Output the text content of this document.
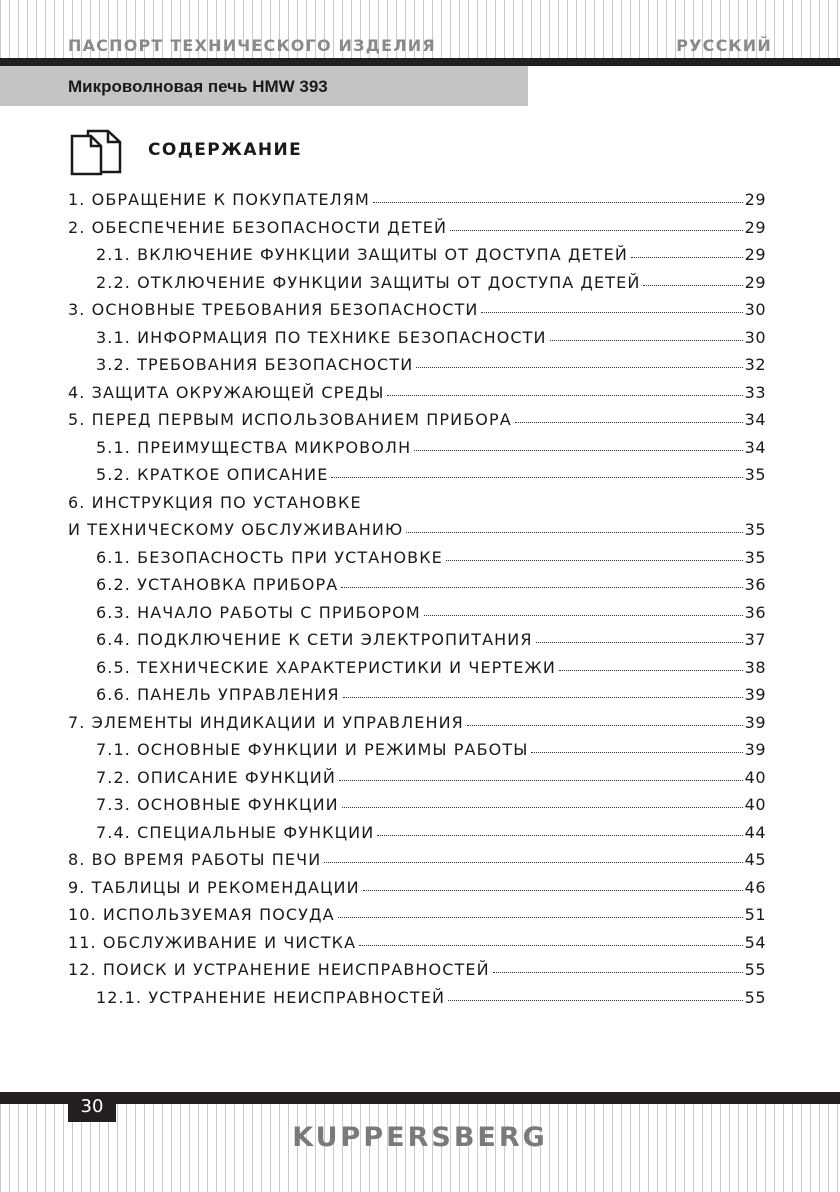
ПАСПОРТ ТЕХНИЧЕСКОГО ИЗДЕЛИЯ	РУССКИЙ
Микроволновая печь HMW 393
СОДЕРЖАНИЕ
1. ОБРАЩЕНИЕ К ПОКУПАТЕЛЯМ	29
2. ОБЕСПЕЧЕНИЕ БЕЗОПАСНОСТИ ДЕТЕЙ	29
2.1. ВКЛЮЧЕНИЕ ФУНКЦИИ ЗАЩИТЫ ОТ ДОСТУПА ДЕТЕЙ	29
2.2. ОТКЛЮЧЕНИЕ ФУНКЦИИ ЗАЩИТЫ ОТ ДОСТУПА ДЕТЕЙ	29
3. ОСНОВНЫЕ ТРЕБОВАНИЯ БЕЗОПАСНОСТИ	30
3.1. ИНФОРМАЦИЯ ПО ТЕХНИКЕ БЕЗОПАСНОСТИ	30
3.2. ТРЕБОВАНИЯ БЕЗОПАСНОСТИ	32
4. ЗАЩИТА ОКРУЖАЮЩЕЙ СРЕДЫ	33
5. ПЕРЕД ПЕРВЫМ ИСПОЛЬЗОВАНИЕМ ПРИБОРА	34
5.1. ПРЕИМУЩЕСТВА МИКРОВОЛН	34
5.2. КРАТКОЕ ОПИСАНИЕ	35
6. ИНСТРУКЦИЯ ПО УСТАНОВКЕ
И ТЕХНИЧЕСКОМУ ОБСЛУЖИВАНИЮ	35
6.1. БЕЗОПАСНОСТЬ ПРИ УСТАНОВКЕ	35
6.2. УСТАНОВКА ПРИБОРА	36
6.3. НАЧАЛО РАБОТЫ С ПРИБОРОМ	36
6.4. ПОДКЛЮЧЕНИЕ К СЕТИ ЭЛЕКТРОПИТАНИЯ	37
6.5. ТЕХНИЧЕСКИЕ ХАРАКТЕРИСТИКИ И ЧЕРТЕЖИ	38
6.6. ПАНЕЛЬ УПРАВЛЕНИЯ	39
7. ЭЛЕМЕНТЫ ИНДИКАЦИИ И УПРАВЛЕНИЯ	39
7.1. ОСНОВНЫЕ ФУНКЦИИ И РЕЖИМЫ РАБОТЫ	39
7.2. ОПИСАНИЕ ФУНКЦИЙ	40
7.3. ОСНОВНЫЕ ФУНКЦИИ	40
7.4. СПЕЦИАЛЬНЫЕ ФУНКЦИИ	44
8. ВО ВРЕМЯ РАБОТЫ ПЕЧИ	45
9. ТАБЛИЦЫ И РЕКОМЕНДАЦИИ	46
10. ИСПОЛЬЗУЕМАЯ ПОСУДА	51
11. ОБСЛУЖИВАНИЕ И ЧИСТКА	54
12. ПОИСК И УСТРАНЕНИЕ НЕИСПРАВНОСТЕЙ	55
12.1. УСТРАНЕНИЕ НЕИСПРАВНОСТЕЙ	55
30
KUPPERSBERG
